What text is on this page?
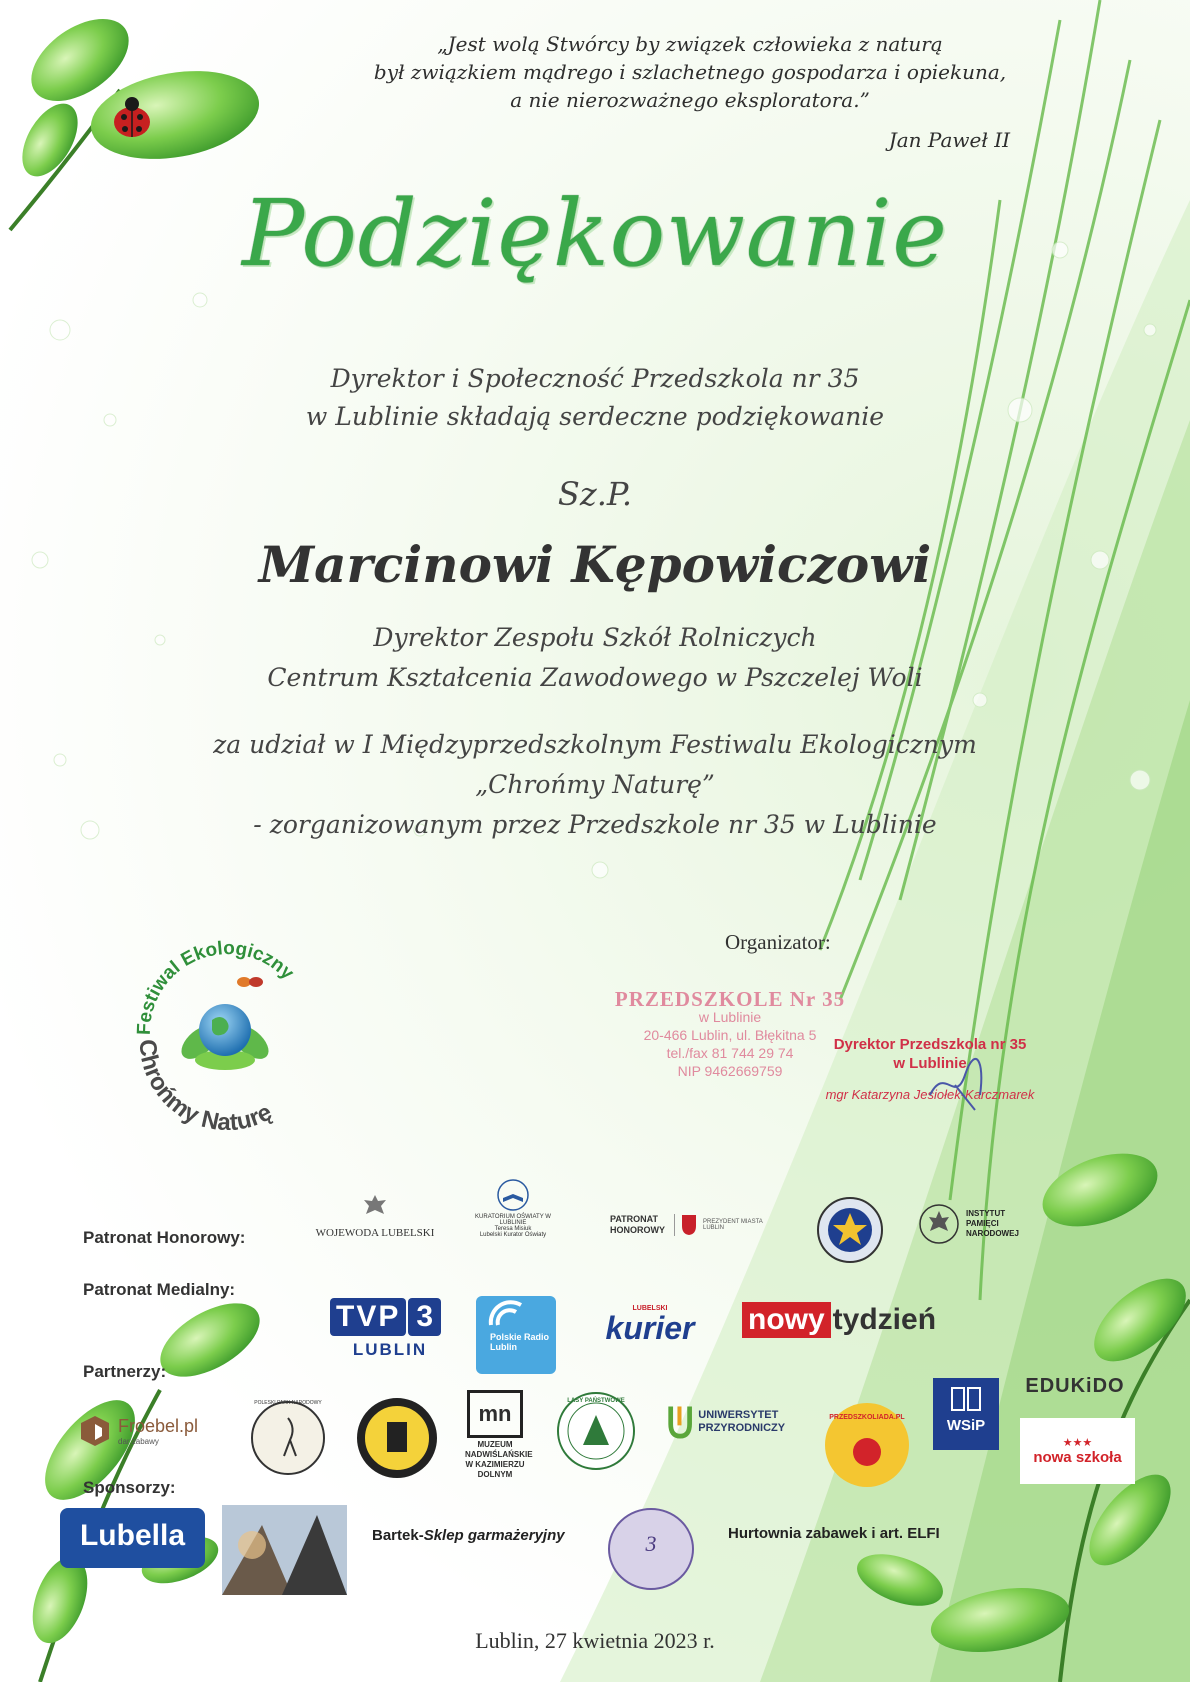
„Jest wolą Stwórcy by związek człowieka z naturą
był związkiem mądrego i szlachetnego gospodarza i opiekuna,
a nie nierozważnego eksploratora.”
Jan Paweł II
Podziękowanie
Dyrektor i Społeczność Przedszkola nr 35
w Lublinie składają serdeczne podziękowanie
Sz.P.
Marcinowi Kępowiczowi
Dyrektor Zespołu Szkół Rolniczych
Centrum Kształcenia Zawodowego w Pszczelej Woli
za udział w I Międzyprzedszkolnym Festiwalu Ekologicznym
„Chrońmy Naturę”
- zorganizowanym przez Przedszkole nr 35 w Lublinie
Festiwal Ekologiczny
Chrońmy Naturę
Organizator:
PRZEDSZKOLE Nr 35
w Lublinie
20-466 Lublin, ul. Błękitna 5
tel./fax 81 744 29 74
NIP 9462669759
Dyrektor Przedszkola nr 35
w Lublinie
mgr Katarzyna Jesiołek-Karczmarek
Patronat Honorowy:	WOJEWODA LUBELSKI
KURATORIUM OŚWIATY W LUBLINIE
Teresa Misiuk
Lubelski Kurator Oświaty
PATRONAT HONOROWY
PREZYDENT MIASTA LUBLIN
INSTYTUT PAMIĘCI NARODOWEJ
Patronat Medialny:
TVP 3
LUBLIN
Polskie Radio Lublin
LUBELSKI
kurier	nowy tydzień
Partnerzy:
Froebel.pl
dar zabawy
POLESKI PARK NARODOWY
1974
mn
MUZEUM NADWIŚLAŃSKIE W KAZIMIERZU DOLNYM
LASY PAŃSTWOWE
UNIWERSYTET PRZYRODNICZY
PRZEDSZKOLIADA.PL	WSiP
EDUKiDO
★★★
nowa szkoła
Sponsorzy:
Lubella	Bartek-Sklep garmażeryjny	3	Hurtownia zabawek i art. ELFI
Lublin, 27 kwietnia 2023 r.
